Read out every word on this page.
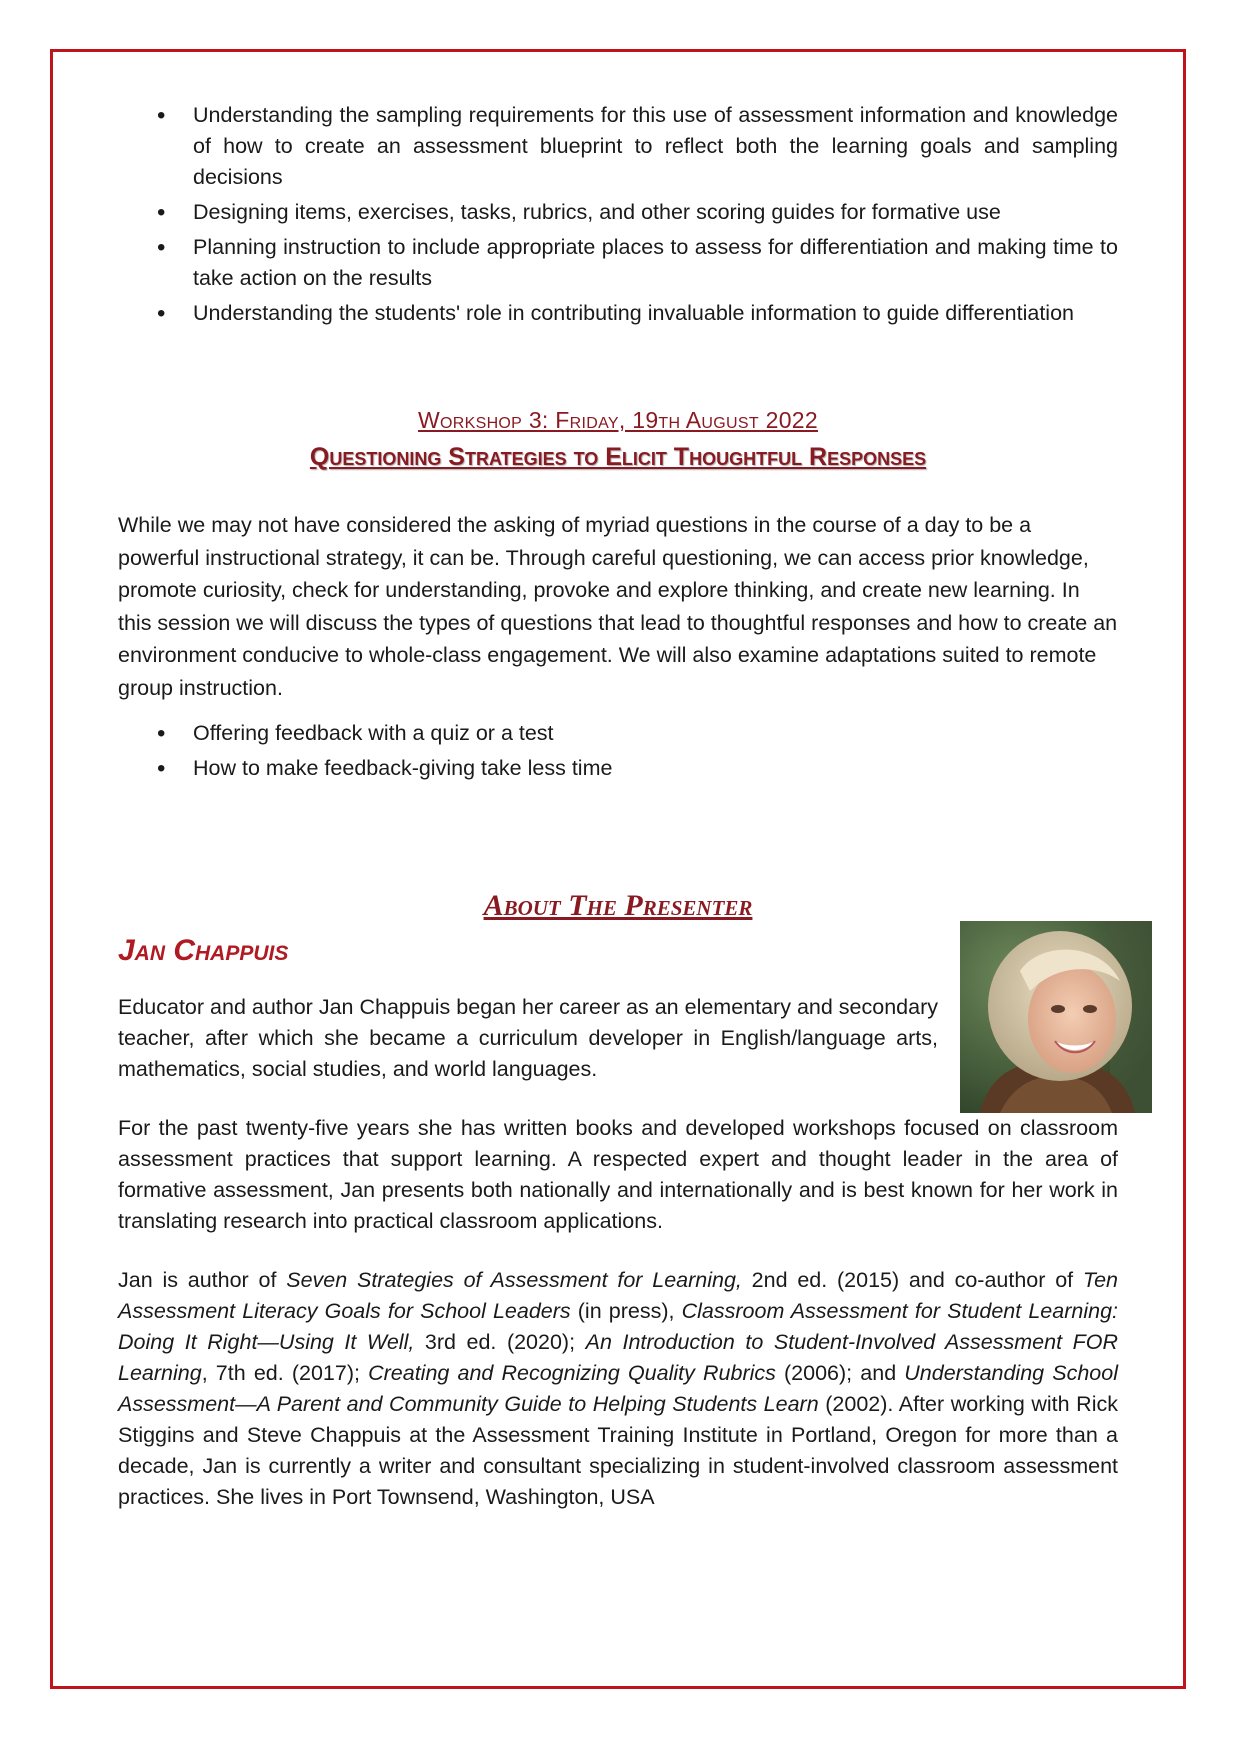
• Understanding the sampling requirements for this use of assessment information and knowledge of how to create an assessment blueprint to reflect both the learning goals and sampling decisions
• Designing items, exercises, tasks, rubrics, and other scoring guides for formative use
• Planning instruction to include appropriate places to assess for differentiation and making time to take action on the results
• Understanding the students' role in contributing invaluable information to guide differentiation
Workshop 3: Friday, 19th August 2022
Questioning Strategies to Elicit Thoughtful Responses

While we may not have considered the asking of myriad questions in the course of a day to be a powerful instructional strategy, it can be. Through careful questioning, we can access prior knowledge, promote curiosity, check for understanding, provoke and explore thinking, and create new learning. In this session we will discuss the types of questions that lead to thoughtful responses and how to create an environment conducive to whole-class engagement. We will also examine adaptations suited to remote group instruction.

• Offering feedback with a quiz or a test
• How to make feedback-giving take less time
About The Presenter
Jan Chappuis

Educator and author Jan Chappuis began her career as an elementary and secondary teacher, after which she became a curriculum developer in English/language arts, mathematics, social studies, and world languages.

For the past twenty-five years she has written books and developed workshops focused on classroom assessment practices that support learning. A respected expert and thought leader in the area of formative assessment, Jan presents both nationally and internationally and is best known for her work in translating research into practical classroom applications.

Jan is author of Seven Strategies of Assessment for Learning, 2nd ed. (2015) and co-author of Ten Assessment Literacy Goals for School Leaders (in press), Classroom Assessment for Student Learning: Doing It Right—Using It Well, 3rd ed. (2020); An Introduction to Student-Involved Assessment FOR Learning, 7th ed. (2017); Creating and Recognizing Quality Rubrics (2006); and Understanding School Assessment—A Parent and Community Guide to Helping Students Learn (2002). After working with Rick Stiggins and Steve Chappuis at the Assessment Training Institute in Portland, Oregon for more than a decade, Jan is currently a writer and consultant specializing in student-involved classroom assessment practices. She lives in Port Townsend, Washington, USA
